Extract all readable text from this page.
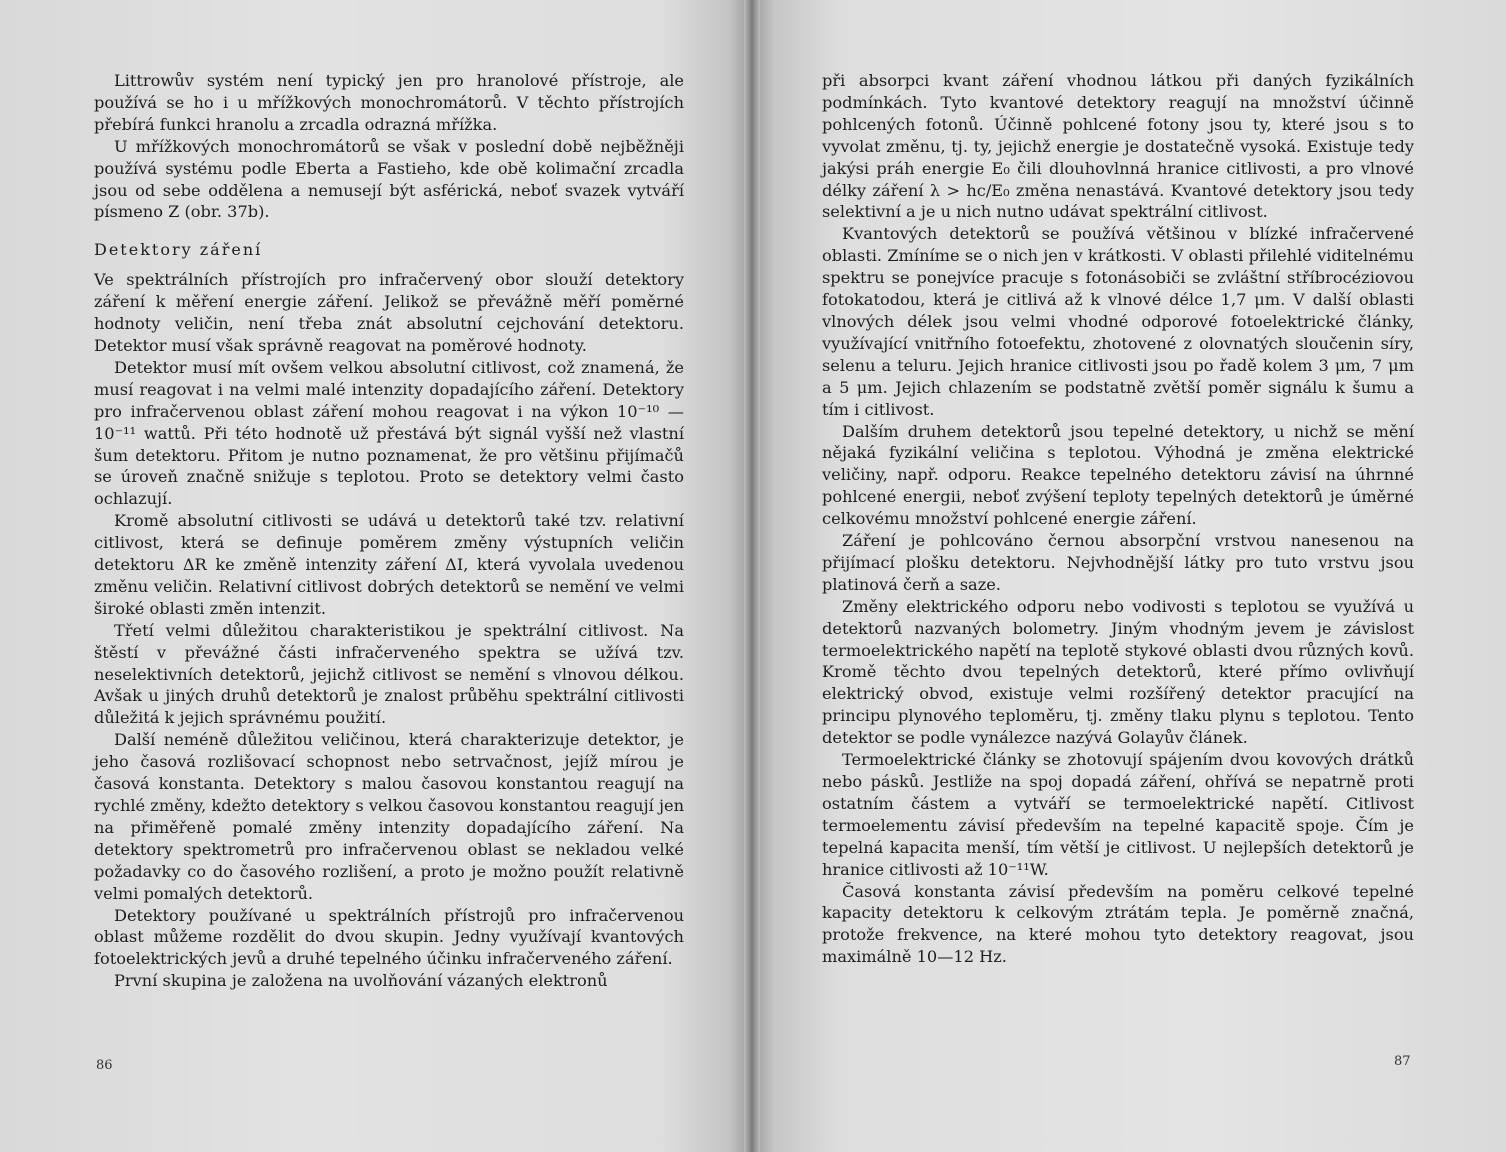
Littrowův systém není typický jen pro hranolové přístroje, ale používá se ho i u mřížkových monochromátorů. V těchto přístrojích přebírá funkci hranolu a zrcadla odrazná mřížka.

U mřížkových monochromátorů se však v poslední době nejběžněji používá systému podle Eberta a Fastieho, kde obě kolimační zrcadla jsou od sebe oddělena a nemusejí být asférická, neboť svazek vytváří písmeno Z (obr. 37b).

Detektory záření

Ve spektrálních přístrojích pro infračervený obor slouží detektory záření k měření energie záření. Jelikož se převážně měří poměrné hodnoty veličin, není třeba znát absolutní cejchování detektoru. Detektor musí však správně reagovat na poměrové hodnoty.

Detektor musí mít ovšem velkou absolutní citlivost, což znamená, že musí reagovat i na velmi malé intenzity dopadajícího záření. Detektory pro infračervenou oblast záření mohou reagovat i na výkon 10⁻¹⁰ — 10⁻¹¹ wattů. Při této hodnotě už přestává být signál vyšší než vlastní šum detektoru. Přitom je nutno poznamenat, že pro většinu přijímačů se úroveň značně snižuje s teplotou. Proto se detektory velmi často ochlazují.

Kromě absolutní citlivosti se udává u detektorů také tzv. relativní citlivost, která se definuje poměrem změny výstupních veličin detektoru ΔR ke změně intenzity záření ΔI, která vyvolala uvedenou změnu veličin. Relativní citlivost dobrých detektorů se nemění ve velmi široké oblasti změn intenzit.

Třetí velmi důležitou charakteristikou je spektrální citlivost. Na štěstí v převážné části infračerveného spektra se užívá tzv. neselektivních detektorů, jejichž citlivost se nemění s vlnovou délkou. Avšak u jiných druhů detektorů je znalost průběhu spektrální citlivosti důležitá k jejich správnému použití.

Další neméně důležitou veličinou, která charakterizuje detektor, je jeho časová rozlišovací schopnost nebo setrvačnost, jejíž mírou je časová konstanta. Detektory s malou časovou konstantou reagují na rychlé změny, kdežto detektory s velkou časovou konstantou reagují jen na přiměřeně pomalé změny intenzity dopadajícího záření. Na detektory spektrometrů pro infračervenou oblast se nekladou velké požadavky co do časového rozlišení, a proto je možno použít relativně velmi pomalých detektorů.

Detektory používané u spektrálních přístrojů pro infračervenou oblast můžeme rozdělit do dvou skupin. Jedny využívají kvantových fotoelektrických jevů a druhé tepelného účinku infračerveného záření.

První skupina je založena na uvolňování vázaných elektronů

86

při absorpci kvant záření vhodnou látkou při daných fyzikálních podmínkách. Tyto kvantové detektory reagují na množství účinně pohlcených fotonů. Účinně pohlcené fotony jsou ty, které jsou s to vyvolat změnu, tj. ty, jejichž energie je dostatečně vysoká. Existuje tedy jakýsi práh energie E₀ čili dlouhovlnná hranice citlivosti, a pro vlnové délky záření λ > hc/E₀ změna nenastává. Kvantové detektory jsou tedy selektivní a je u nich nutno udávat spektrální citlivost.

Kvantových detektorů se používá většinou v blízké infračervené oblasti. Zmíníme se o nich jen v krátkosti. V oblasti přilehlé viditelnému spektru se ponejvíce pracuje s fotonásobiči se zvláštní stříbrocéziovou fotokatodou, která je citlivá až k vlnové délce 1,7 μm. V další oblasti vlnových délek jsou velmi vhodné odporové fotoelektrické články, využívající vnitřního fotoefektu, zhotovené z olovnatých sloučenin síry, selenu a teluru. Jejich hranice citlivosti jsou po řadě kolem 3 μm, 7 μm a 5 μm. Jejich chlazením se podstatně zvětší poměr signálu k šumu a tím i citlivost.

Dalším druhem detektorů jsou tepelné detektory, u nichž se mění nějaká fyzikální veličina s teplotou. Výhodná je změna elektrické veličiny, např. odporu. Reakce tepelného detektoru závisí na úhrnné pohlcené energii, neboť zvýšení teploty tepelných detektorů je úměrné celkovému množství pohlcené energie záření.

Záření je pohlcováno černou absorpční vrstvou nanesenou na přijímací plošku detektoru. Nejvhodnější látky pro tuto vrstvu jsou platinová čerň a saze.

Změny elektrického odporu nebo vodivosti s teplotou se využívá u detektorů nazvaných bolometry. Jiným vhodným jevem je závislost termoelektrického napětí na teplotě stykové oblasti dvou různých kovů. Kromě těchto dvou tepelných detektorů, které přímo ovlivňují elektrický obvod, existuje velmi rozšířený detektor pracující na principu plynového teploměru, tj. změny tlaku plynu s teplotou. Tento detektor se podle vynálezce nazývá Golayův článek.

Termoelektrické články se zhotovují spájením dvou kovových drátků nebo pásků. Jestliže na spoj dopadá záření, ohřívá se nepatrně proti ostatním částem a vytváří se termoelektrické napětí. Citlivost termoelementu závisí především na tepelné kapacitě spoje. Čím je tepelná kapacita menší, tím větší je citlivost. U nejlepších detektorů je hranice citlivosti až 10⁻¹¹W.

Časová konstanta závisí především na poměru celkové tepelné kapacity detektoru k celkovým ztrátám tepla. Je poměrně značná, protože frekvence, na které mohou tyto detektory reagovat, jsou maximálně 10—12 Hz.

87
